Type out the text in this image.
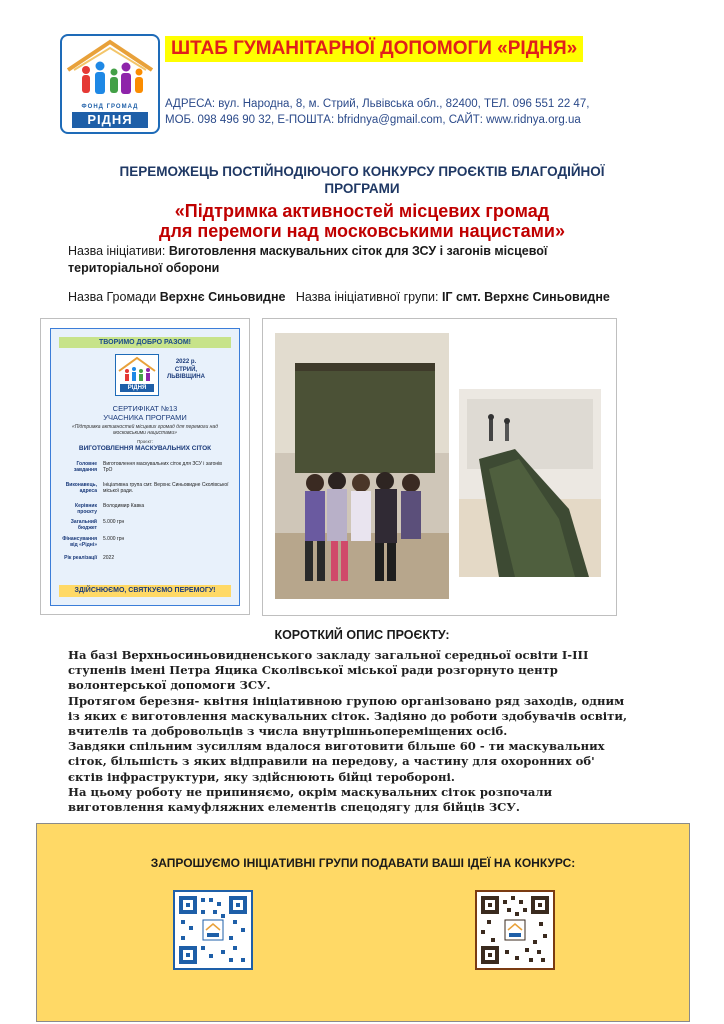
ФОНД ГРОМАД
РІДНЯ
ШТАБ ГУМАНІТАРНОЇ ДОПОМОГИ «РІДНЯ»
АДРЕСА: вул. Народна, 8, м. Стрий, Львівська обл., 82400, ТЕЛ. 096 551 22 47,
МОБ. 098 496 90 32, Е-ПОШТА: bfridnya@gmail.com, САЙТ: www.ridnya.org.ua
ПЕРЕМОЖЕЦЬ ПОСТІЙНОДІЮЧОГО КОНКУРСУ ПРОЄКТІВ БЛАГОДІЙНОЇ
ПРОГРАМИ
«Підтримка активностей місцевих громад
для перемоги над московськими нацистами»
Назва ініціативи: Виготовлення маскувальних сіток для ЗСУ і загонів місцевої
територіальної оборони
Назва Громади Верхнє Синьовидне   Назва ініціативної групи: ІГ смт. Верхнє Синьовидне
ТВОРИМО ДОБРО РАЗОМ!
РІДНЯ
2022 р.
СТРИЙ,
ЛЬВІВЩИНА
СЕРТИФІКАТ №13
УЧАСНИКА ПРОГРАМИ
«Підтримка активностей місцевих громад для перемоги над московськими нацистами»
Проєкт:
ВИГОТОВЛЕННЯ МАСКУВАЛЬНИХ СІТОК
Головне завдання
Виготовлення маскувальних сіток для ЗСУ і загонів ТрО
Виконавець, адреса
Ініціативна група смт. Верхнє Синьовидне Сколівської міської ради.
Керівник проєкту
Володимир Кавка
Загальний бюджет
5.000 грн
Фінансування від «Рідні»
5.000 грн
Рік реалізації 2022
ЗДІЙСНЮЄМО, СВЯТКУЄМО ПЕРЕМОГУ!
КОРОТКИЙ ОПИС ПРОЄКТУ:
На базі Верхньосиньовидненського закладу загальної середньої освіти І-ІІІ
ступенів імені Петра Яцика Сколівської міської ради розгорнуто центр
волонтерської допомоги ЗСУ.
Протягом березня- квітня ініціативною групою організовано ряд заходів, одним
із яких є виготовлення маскувальних сіток. Задіяно до роботи здобувачів освіти,
вчителів та добровольців з числа внутрішньопереміщених осіб.
Завдяки спільним зусиллям вдалося виготовити більше 60 - ти маскувальних
сіток, більшість з яких відправили на передову, а частину для охоронних об'
єктів інфраструктури, яку здійснюють бійці теробороні.
На цьому роботу не припиняємо, окрім маскувальних сіток розпочали
виготовлення камуфляжних елементів спецодягу для бійців ЗСУ.
ЗАПРОШУЄМО ІНІЦІАТИВНІ ГРУПИ ПОДАВАТИ ВАШІ ІДЕЇ НА КОНКУРС:
